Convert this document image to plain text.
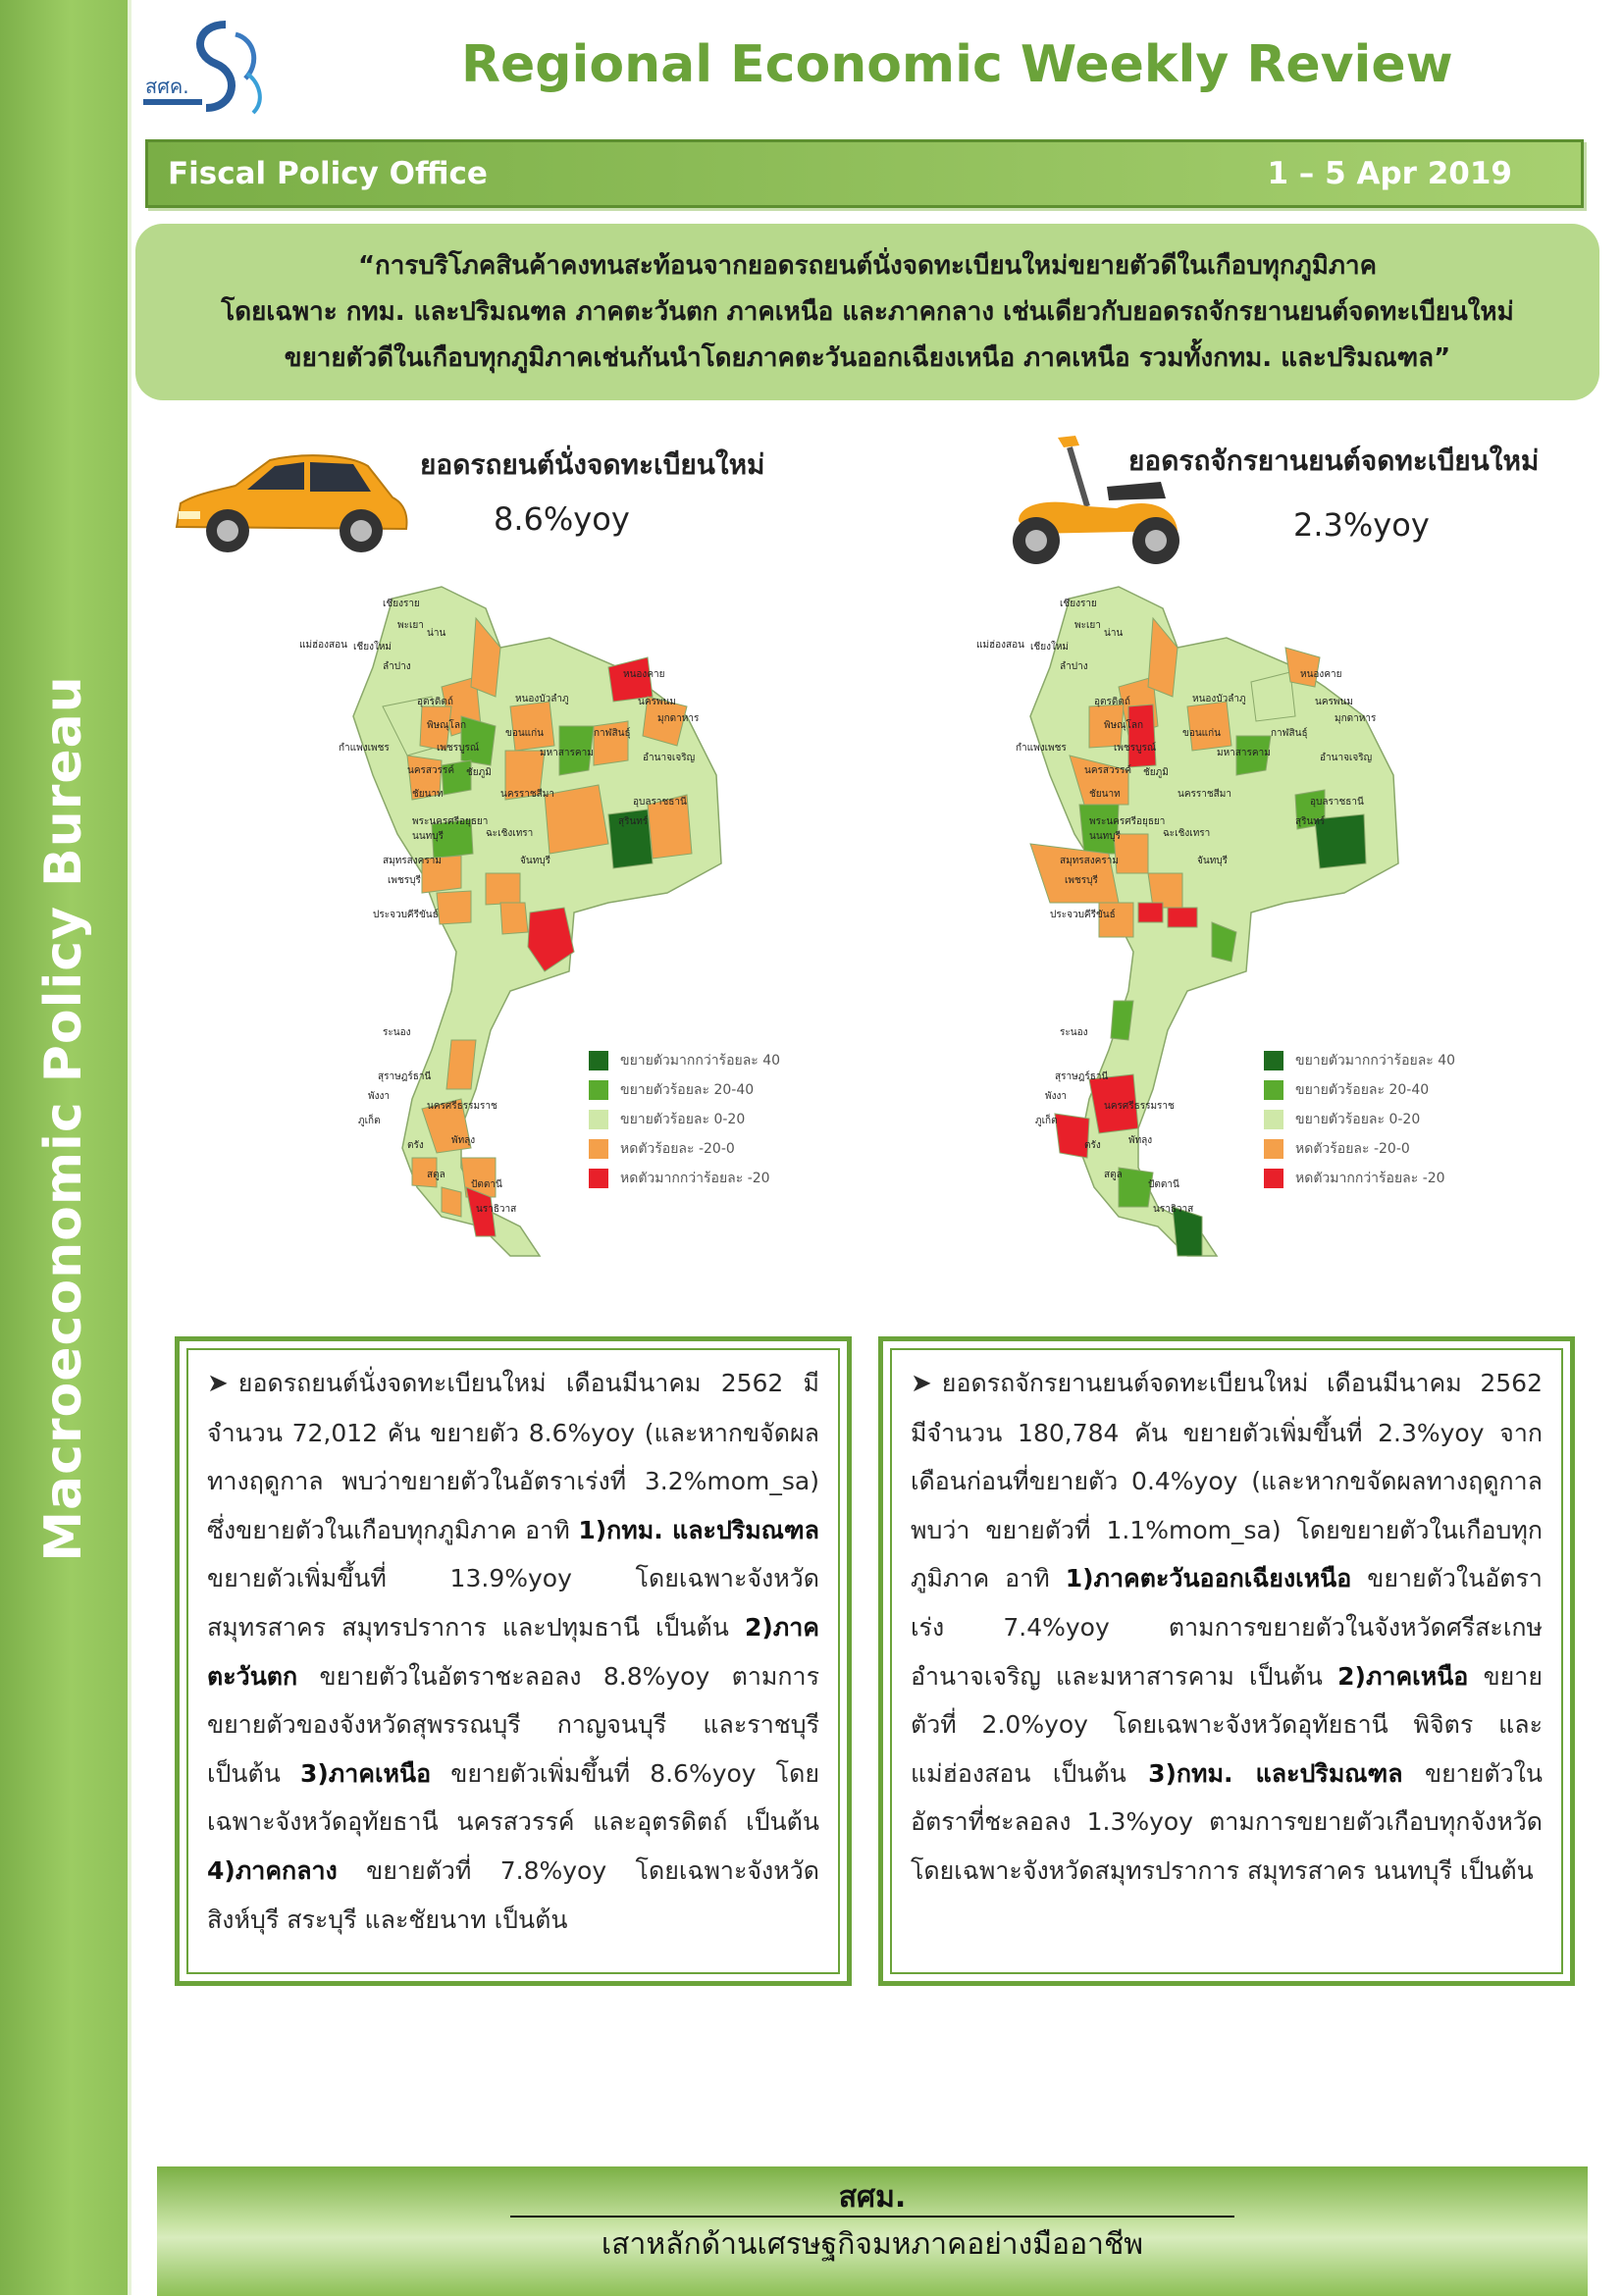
Macroeconomic Policy Bureau
สศค.	Regional Economic Weekly Review
Fiscal Policy Office	1 – 5 Apr 2019
“การบริโภคสินค้าคงทนสะท้อนจากยอดรถยนต์นั่งจดทะเบียนใหม่ขยายตัวดีในเกือบทุกภูมิภาค
โดยเฉพาะ กทม. และปริมณฑล ภาคตะวันตก ภาคเหนือ และภาคกลาง เช่นเดียวกับยอดรถจักรยานยนต์จดทะเบียนใหม่
ขยายตัวดีในเกือบทุกภูมิภาคเช่นกันนำโดยภาคตะวันออกเฉียงเหนือ ภาคเหนือ รวมทั้งกทม. และปริมณฑล”
ยอดรถยนต์นั่งจดทะเบียนใหม่
8.6%yoy
ยอดรถจักรยานยนต์จดทะเบียนใหม่
2.3%yoy
เชียงราย
พะเยา
น่าน
แม่ฮ่องสอน เชียงใหม่
ลำปาง
หนองคาย
นครพนม
อุตรดิตถ์	หนองบัวลำภู
พิษณุโลก
มุกดาหาร
ขอนแก่น	กาฬสินธุ์
กำแพงเพชร	เพชรบูรณ์	มหาสารคาม	อำนาจเจริญ
นครสวรรค์ ชัยภูมิ
ชัยนาท	นครราชสีมา
อุบลราชธานี
สุรินทร์
พระนครศรีอยุธยา
นนทบุรี	ฉะเชิงเทรา
สมุทรสงคราม	จันทบุรี
เพชรบุรี
ประจวบคีรีขันธ์
ระนอง
สุราษฎร์ธานี
พังงา
นครศรีธรรมราช
ภูเก็ต
ตรัง	พัทลุง
สตูล
ปัตตานี
นราธิวาส
ขยายตัวมากกว่าร้อยละ 40
ขยายตัวร้อยละ 20-40
ขยายตัวร้อยละ 0-20
หดตัวร้อยละ -20-0
หดตัวมากกว่าร้อยละ -20
เชียงราย
พะเยา
น่าน
แม่ฮ่องสอน เชียงใหม่
ลำปาง
หนองคาย
นครพนม
อุตรดิตถ์	หนองบัวลำภู
พิษณุโลก
มุกดาหาร
ขอนแก่น	กาฬสินธุ์
กำแพงเพชร	เพชรบูรณ์	มหาสารคาม	อำนาจเจริญ
นครสวรรค์ ชัยภูมิ
ชัยนาท	นครราชสีมา
อุบลราชธานี
สุรินทร์
พระนครศรีอยุธยา
นนทบุรี	ฉะเชิงเทรา
สมุทรสงคราม	จันทบุรี
เพชรบุรี
ประจวบคีรีขันธ์
ระนอง
สุราษฎร์ธานี
พังงา
นครศรีธรรมราช
ภูเก็ต
ตรัง	พัทลุง
สตูล
ปัตตานี
นราธิวาส
ขยายตัวมากกว่าร้อยละ 40
ขยายตัวร้อยละ 20-40
ขยายตัวร้อยละ 0-20
หดตัวร้อยละ -20-0
หดตัวมากกว่าร้อยละ -20
➤ ยอดรถยนต์นั่งจดทะเบียนใหม่ เดือนมีนาคม 2562 มีจำนวน 72,012 คัน ขยายตัว 8.6%yoy (และหากขจัดผลทางฤดูกาล พบว่าขยายตัวในอัตราเร่งที่ 3.2%mom_sa) ซึ่งขยายตัวในเกือบทุกภูมิภาค อาทิ 1)กทม. และปริมณฑล ขยายตัวเพิ่มขึ้นที่ 13.9%yoy โดยเฉพาะจังหวัดสมุทรสาคร สมุทรปราการ และปทุมธานี เป็นต้น 2)ภาคตะวันตก ขยายตัวในอัตราชะลอลง 8.8%yoy ตามการขยายตัวของจังหวัดสุพรรณบุรี กาญจนบุรี และราชบุรี เป็นต้น 3)ภาคเหนือ ขยายตัวเพิ่มขึ้นที่ 8.6%yoy โดยเฉพาะจังหวัดอุทัยธานี นครสวรรค์ และอุตรดิตถ์ เป็นต้น 4)ภาคกลาง ขยายตัวที่ 7.8%yoy โดยเฉพาะจังหวัดสิงห์บุรี สระบุรี และชัยนาท เป็นต้น
➤ ยอดรถจักรยานยนต์จดทะเบียนใหม่ เดือนมีนาคม 2562 มีจำนวน 180,784 คัน ขยายตัวเพิ่มขึ้นที่ 2.3%yoy จากเดือนก่อนที่ขยายตัว 0.4%yoy (และหากขจัดผลทางฤดูกาล พบว่า ขยายตัวที่ 1.1%mom_sa) โดยขยายตัวในเกือบทุกภูมิภาค อาทิ 1)ภาคตะวันออกเฉียงเหนือ ขยายตัวในอัตราเร่ง 7.4%yoy ตามการขยายตัวในจังหวัดศรีสะเกษ อำนาจเจริญ และมหาสารคาม เป็นต้น 2)ภาคเหนือ ขยายตัวที่ 2.0%yoy โดยเฉพาะจังหวัดอุทัยธานี พิจิตร และแม่ฮ่องสอน เป็นต้น 3)กทม. และปริมณฑล ขยายตัวในอัตราที่ชะลอลง 1.3%yoy ตามการขยายตัวเกือบทุกจังหวัด โดยเฉพาะจังหวัดสมุทรปราการ สมุทรสาคร นนทบุรี เป็นต้น
สศม.
เสาหลักด้านเศรษฐกิจมหภาคอย่างมืออาชีพ
